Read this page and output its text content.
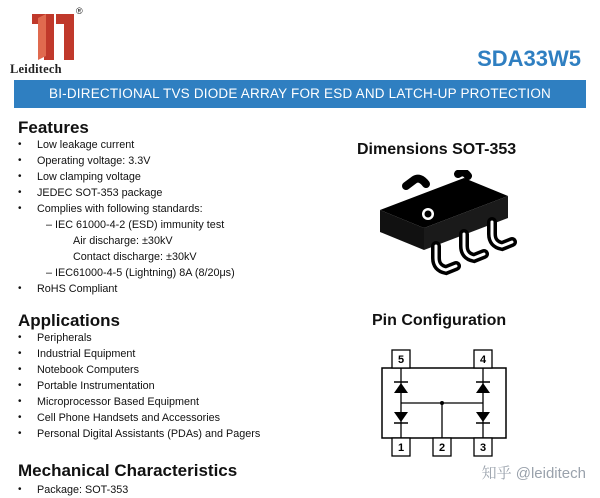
®
Leiditech	SDA33W5
BI-DIRECTIONAL TVS DIODE ARRAY FOR ESD AND LATCH-UP PROTECTION
Features
• Low leakage current
• Operating voltage: 3.3V
• Low clamping voltage
• JEDEC SOT-353 package
• Complies with following standards:
– IEC 61000-4-2 (ESD) immunity test
Air discharge: ±30kV
Contact discharge: ±30kV
– IEC61000-4-5 (Lightning) 8A (8/20μs)
• RoHS Compliant
Applications
• Peripherals
• Industrial Equipment
• Notebook Computers
• Portable Instrumentation
• Microprocessor Based Equipment
• Cell Phone Handsets and Accessories
• Personal Digital Assistants (PDAs) and Pagers
Mechanical Characteristics
• Package: SOT-353
Dimensions SOT-353
Pin Configuration
5	4
1	2	3
知乎 @leiditech
